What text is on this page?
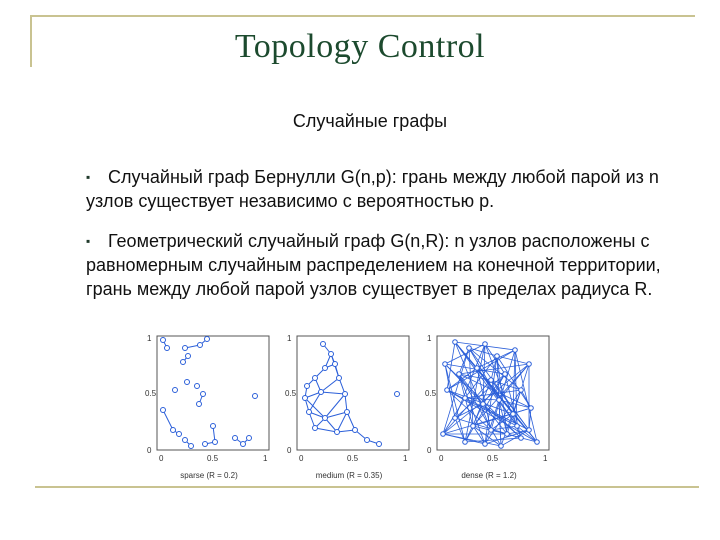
Topology Control
Случайные графы
▪ Случайный граф Бернулли G(n,p): грань между любой парой из n узлов существует независимо с вероятностью p.
▪ Геометрический случайный граф G(n,R): n узлов расположены с равномерным случайным распределением на конечной территории, грань между любой парой узлов существует в пределах радиуса R.
1
0.5
0
0	0.5	1
sparse (R = 0.2)
1
0.5
0
0	0.5	1
medium (R = 0.35)
1
0.5
0
0	0.5	1
dense (R = 1.2)
